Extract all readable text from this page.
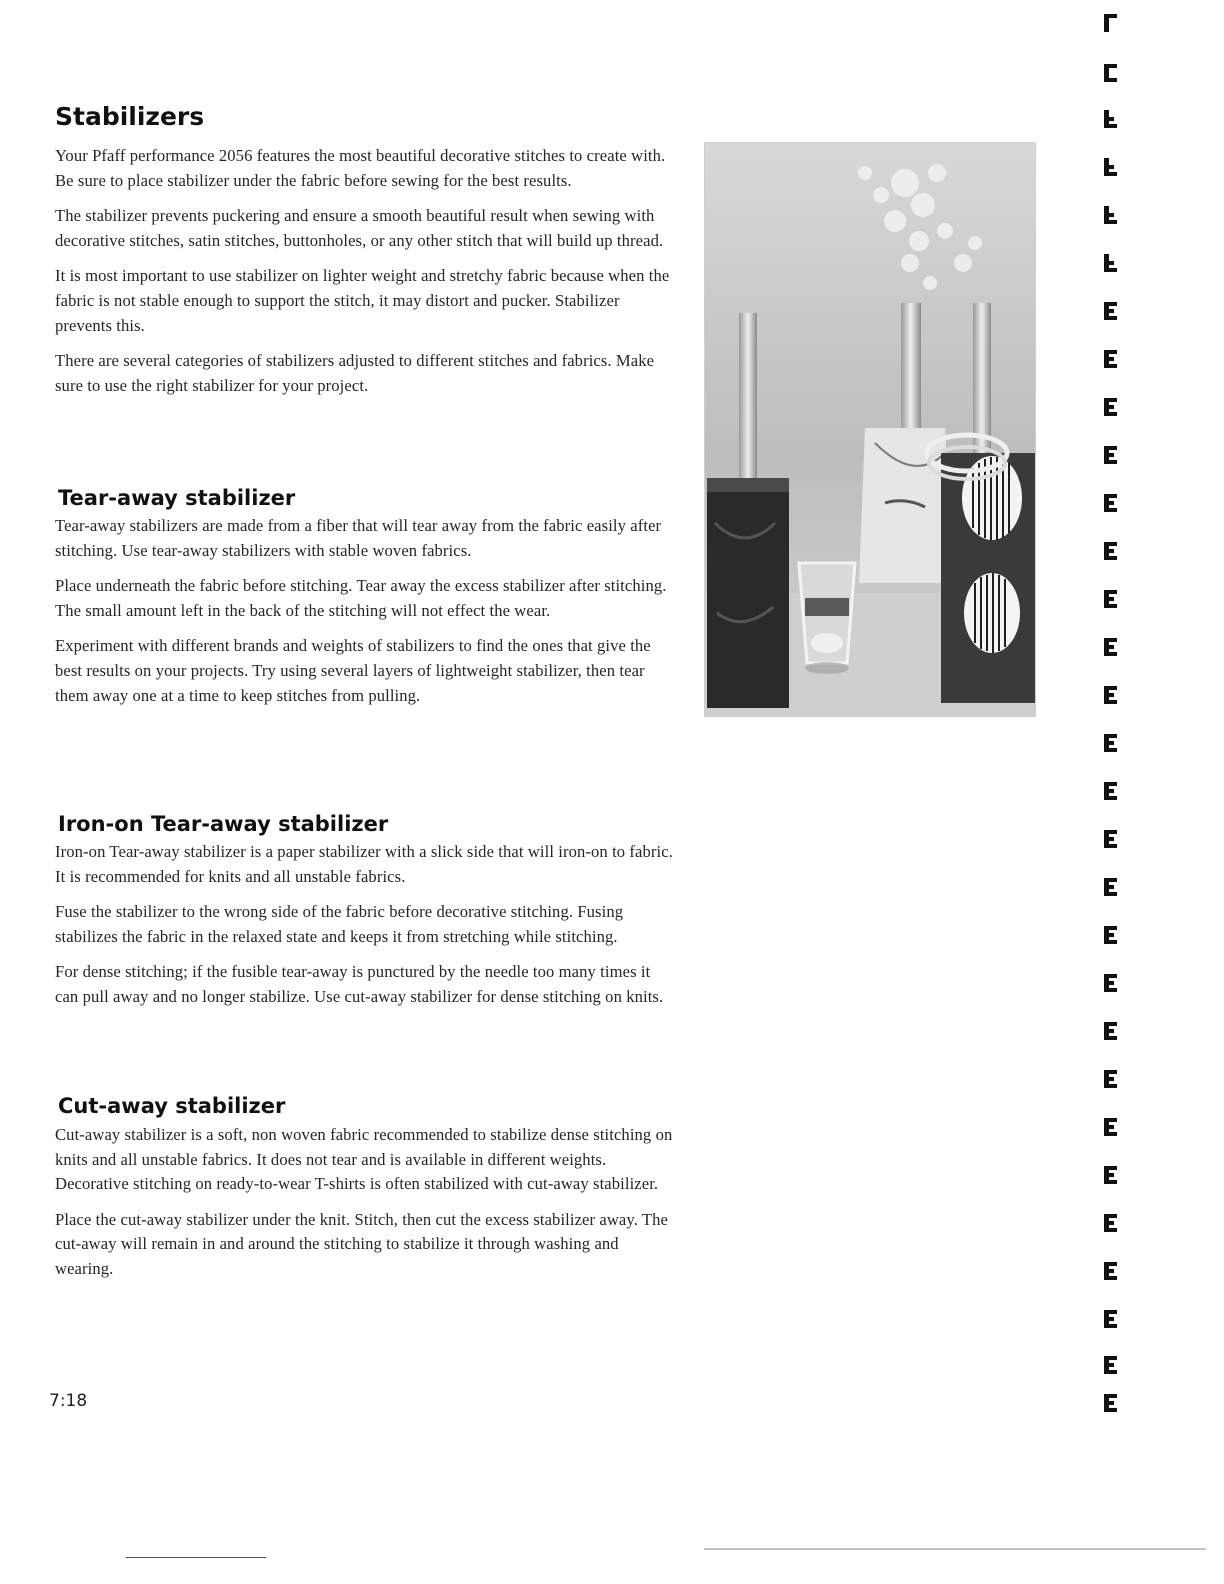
Stabilizers

Your Pfaff performance 2056 features the most beautiful decorative stitches to create with. Be sure to place stabilizer under the fabric before sewing for the best results.

The stabilizer prevents puckering and ensure a smooth beautiful result when sewing with decorative stitches, satin stitches, buttonholes, or any other stitch that will build up thread.

It is most important to use stabilizer on lighter weight and stretchy fabric because when the fabric is not stable enough to support the stitch, it may distort and pucker. Stabilizer prevents this.

There are several categories of stabilizers adjusted to different stitches and fabrics. Make sure to use the right stabilizer for your project.

Tear-away stabilizer

Tear-away stabilizers are made from a fiber that will tear away from the fabric easily after stitching. Use tear-away stabilizers with stable woven fabrics.

Place underneath the fabric before stitching. Tear away the excess stabilizer after stitching. The small amount left in the back of the stitching will not effect the wear.

Experiment with different brands and weights of stabilizers to find the ones that give the best results on your projects. Try using several layers of lightweight stabilizer, then tear them away one at a time to keep stitches from pulling.

Iron-on Tear-away stabilizer

Iron-on Tear-away stabilizer is a paper stabilizer with a slick side that will iron-on to fabric. It is recommended for knits and all unstable fabrics.

Fuse the stabilizer to the wrong side of the fabric before decorative stitching. Fusing stabilizes the fabric in the relaxed state and keeps it from stretching while stitching.

For dense stitching; if the fusible tear-away is punctured by the needle too many times it can pull away and no longer stabilize. Use cut-away stabilizer for dense stitching on knits.

Cut-away stabilizer

Cut-away stabilizer is a soft, non woven fabric recommended to stabilize dense stitching on knits and all unstable fabrics. It does not tear and is available in different weights. Decorative stitching on ready-to-wear T-shirts is often stabilized with cut-away stabilizer.

Place the cut-away stabilizer under the knit. Stitch, then cut the excess stabilizer away. The cut-away will remain in and around the stitching to stabilize it through washing and wearing.

7:18
